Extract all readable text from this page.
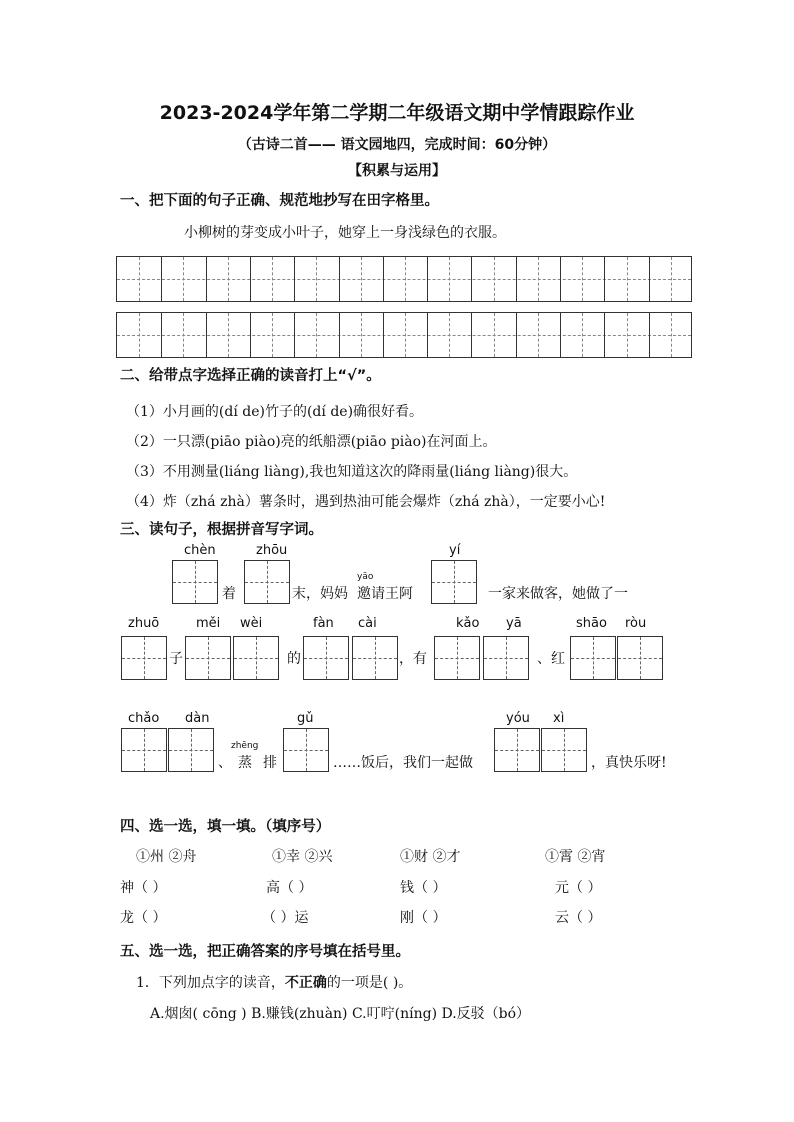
2023-2024学年第二学期二年级语文期中学情跟踪作业
（古诗二首—— 语文园地四，完成时间：60分钟）
【积累与运用】
一、把下面的句子正确、规范地抄写在田字格里。
小柳树的芽变成小叶子，她穿上一身浅绿色的衣服。
二、给带点字选择正确的读音打上“√”。
（1）小月画的(dí de)竹子的(dí de)确很好看。
（2）一只漂(piāo piào)亮的纸船漂(piāo piào)在河面上。
（3）不用测量(liáng liàng),我也知道这次的降雨量(liáng liàng)很大。
（4）炸（zhá zhà）薯条时，遇到热油可能会爆炸（zhá zhà），一定要小心!
三、读句子，根据拼音写字词。
chèn	zhōu	yí
着	末，妈妈
yāo
邀 请王阿	一家来做客，她做了一
zhuō	měi wèi	fàn cài	kǎo yā	shāo ròu
子	的	，有	、红
chǎo dàn	gǔ	yóu xì
、
zhēng
蒸 排	……饭后，我们一起做	，真快乐呀!
四、选一选，填一填。（填序号）
①州 ②舟	①幸 ②兴	①财 ②才	①霄 ②宵
神（ ）	高（ ）	钱（ ）	元（ ）
龙（ ）	（ ）运	刚（ ）	云（ ）
五、选一选，把正确答案的序号填在括号里。
1．下列加点字的读音，不正确的一项是( )。
A.烟囱( cōng ) B.赚钱(zhuàn) C.叮咛(níng) D.反驳（bó）
